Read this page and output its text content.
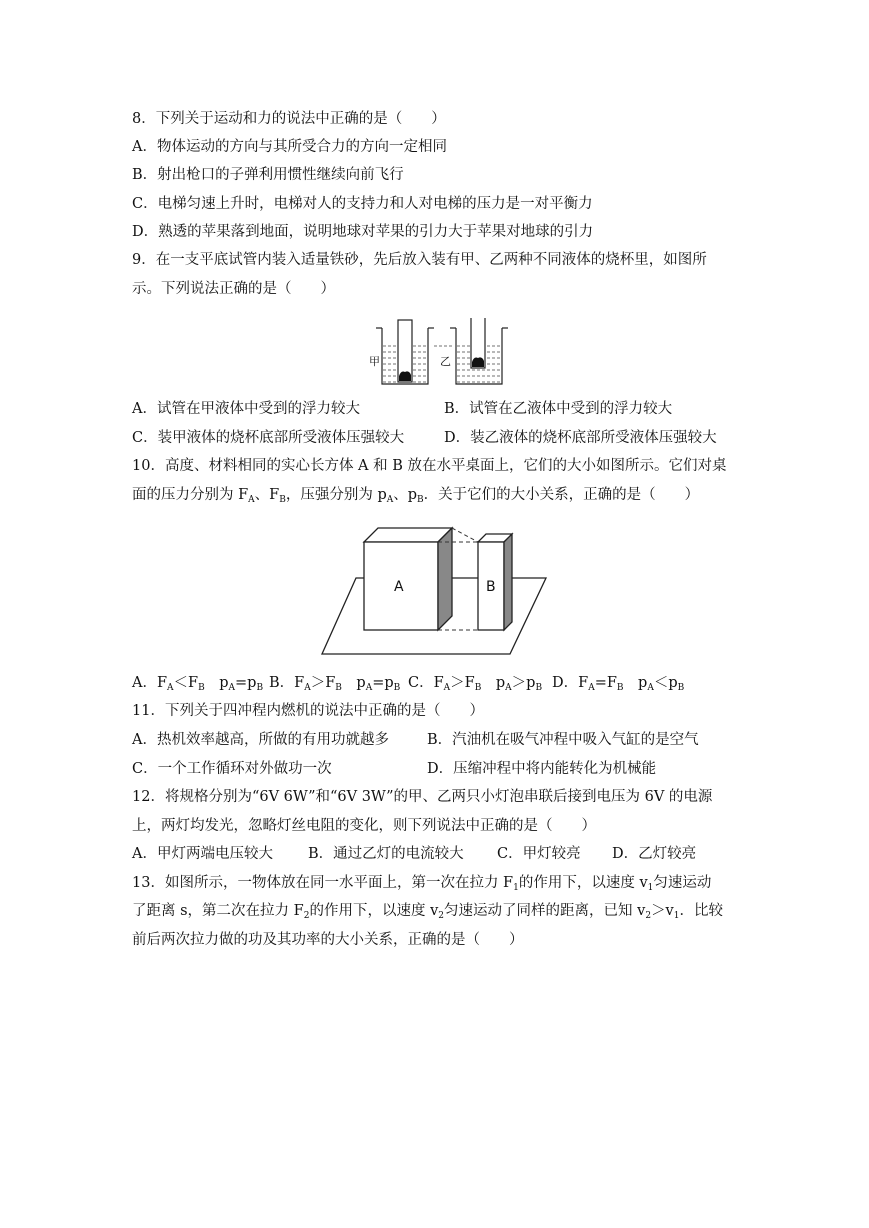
8．下列关于运动和力的说法中正确的是（　　）
A．物体运动的方向与其所受合力的方向一定相同
B．射出枪口的子弹利用惯性继续向前飞行
C．电梯匀速上升时，电梯对人的支持力和人对电梯的压力是一对平衡力
D．熟透的苹果落到地面，说明地球对苹果的引力大于苹果对地球的引力
9．在一支平底试管内装入适量铁砂，先后放入装有甲、乙两种不同液体的烧杯里，如图所
示。下列说法正确的是（　　）
甲	乙
A．试管在甲液体中受到的浮力较大	B．试管在乙液体中受到的浮力较大
C．装甲液体的烧杯底部所受液体压强较大	D．装乙液体的烧杯底部所受液体压强较大
10．高度、材料相同的实心长方体 A 和 B 放在水平桌面上，它们的大小如图所示。它们对桌
面的压力分别为 $F_A$、$F_B$，压强分别为 $p_A$、$p_B$．关于它们的大小关系，正确的是（　　）
A	B
A．$F_A<F_B$　$p_A=p_B$ B．$F_A>F_B$　$p_A=p_B$ C．$F_A>F_B$　$p_A>p_B$ D．$F_A=F_B$　$p_A<p_B$
11．下列关于四冲程内燃机的说法中正确的是（　　）
A．热机效率越高，所做的有用功就越多	B．汽油机在吸气冲程中吸入气缸的是空气
C．一个工作循环对外做功一次	D．压缩冲程中将内能转化为机械能
12．将规格分别为“6V 6W”和“6V 3W”的甲、乙两只小灯泡串联后接到电压为 6V 的电源
上，两灯均发光，忽略灯丝电阻的变化，则下列说法中正确的是（　　）
A．甲灯两端电压较大 B．通过乙灯的电流较大 C．甲灯较亮 D．乙灯较亮
13．如图所示，一物体放在同一水平面上，第一次在拉力 $F_1$的作用下，以速度 $v_1$匀速运动
了距离 s，第二次在拉力 $F_2$的作用下，以速度 $v_2$匀速运动了同样的距离，已知 $v_2>v_1$．比较
前后两次拉力做的功及其功率的大小关系，正确的是（　　）
